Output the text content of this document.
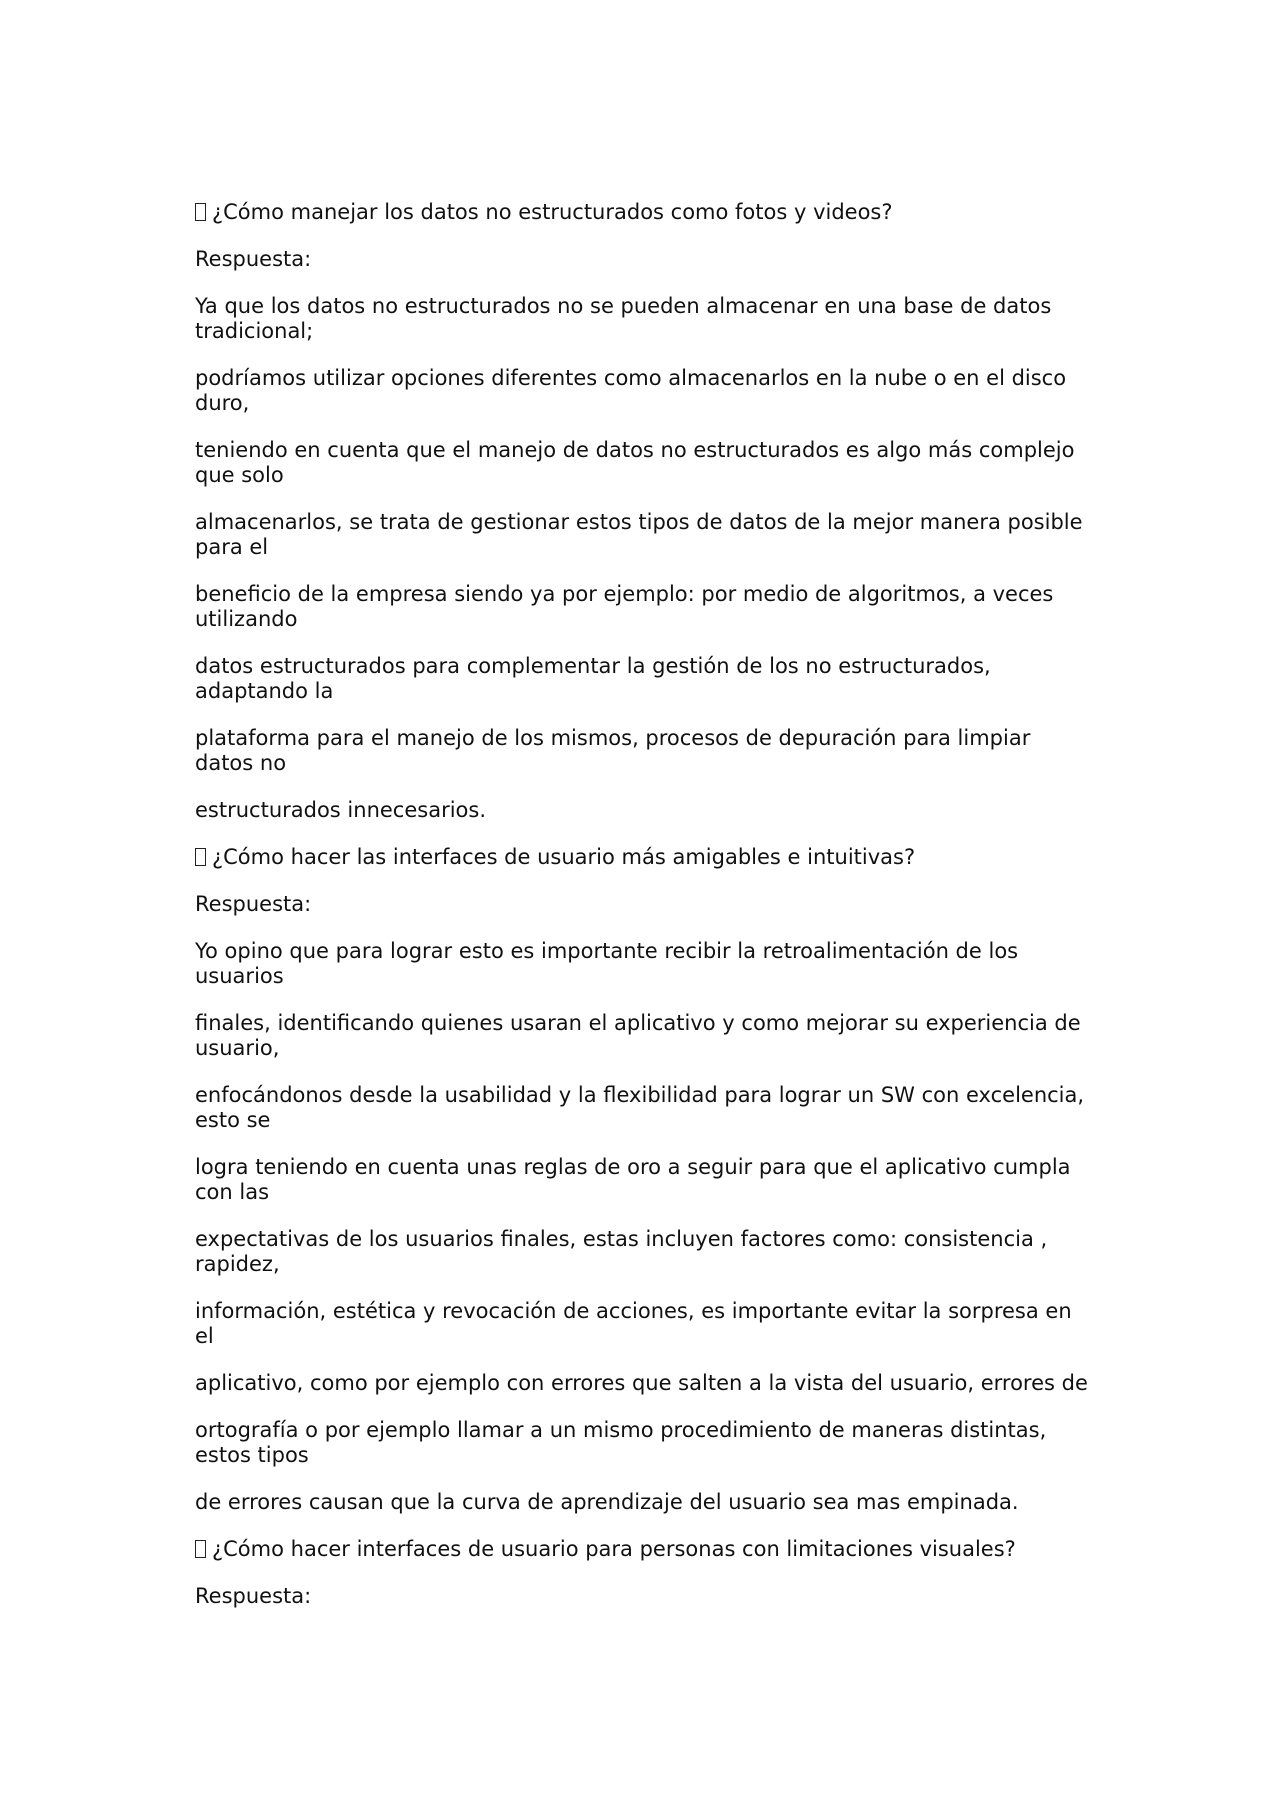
¿Cómo manejar los datos no estructurados como fotos y videos?

Respuesta:

Ya que los datos no estructurados no se pueden almacenar en una base de datos tradicional;

podríamos utilizar opciones diferentes como almacenarlos en la nube o en el disco duro,

teniendo en cuenta que el manejo de datos no estructurados es algo más complejo que solo

almacenarlos, se trata de gestionar estos tipos de datos de la mejor manera posible para el

beneficio de la empresa siendo ya por ejemplo: por medio de algoritmos, a veces utilizando

datos estructurados para complementar la gestión de los no estructurados, adaptando la

plataforma para el manejo de los mismos, procesos de depuración para limpiar datos no

estructurados innecesarios.

¿Cómo hacer las interfaces de usuario más amigables e intuitivas?

Respuesta:

Yo opino que para lograr esto es importante recibir la retroalimentación de los usuarios

finales, identificando quienes usaran el aplicativo y como mejorar su experiencia de usuario,

enfocándonos desde la usabilidad y la flexibilidad para lograr un SW con excelencia, esto se

logra teniendo en cuenta unas reglas de oro a seguir para que el aplicativo cumpla con las

expectativas de los usuarios finales, estas incluyen factores como: consistencia , rapidez,

información, estética y revocación de acciones, es importante evitar la sorpresa en el

aplicativo, como por ejemplo con errores que salten a la vista del usuario, errores de

ortografía o por ejemplo llamar a un mismo procedimiento de maneras distintas, estos tipos

de errores causan que la curva de aprendizaje del usuario sea mas empinada.

¿Cómo hacer interfaces de usuario para personas con limitaciones visuales?

Respuesta:
